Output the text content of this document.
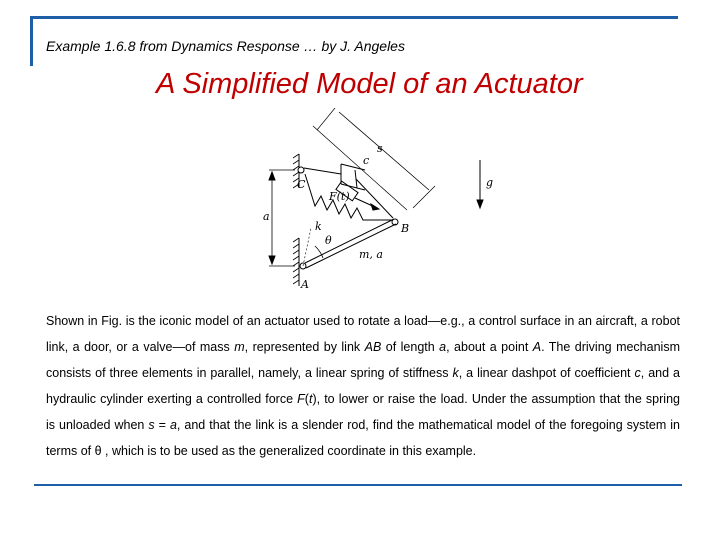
Example 1.6.8 from Dynamics Response … by J. Angeles
A Simplified Model of an Actuator
s
c
g
C
F(t)
a
k	B
θ
m, a
A

Shown in Fig. is the iconic model of an actuator used to rotate a load—e.g., a control surface in an aircraft, a robot link, a door, or a valve—of mass m, represented by link AB of length a, about a point A. The driving mechanism consists of three elements in parallel, namely, a linear spring of stiffness k, a linear dashpot of coefficient c, and a hydraulic cylinder exerting a controlled force F(t), to lower or raise the load. Under the assumption that the spring is unloaded when s = a, and that the link is a slender rod, find the mathematical model of the foregoing system in terms of θ , which is to be used as the generalized coordinate in this example.
